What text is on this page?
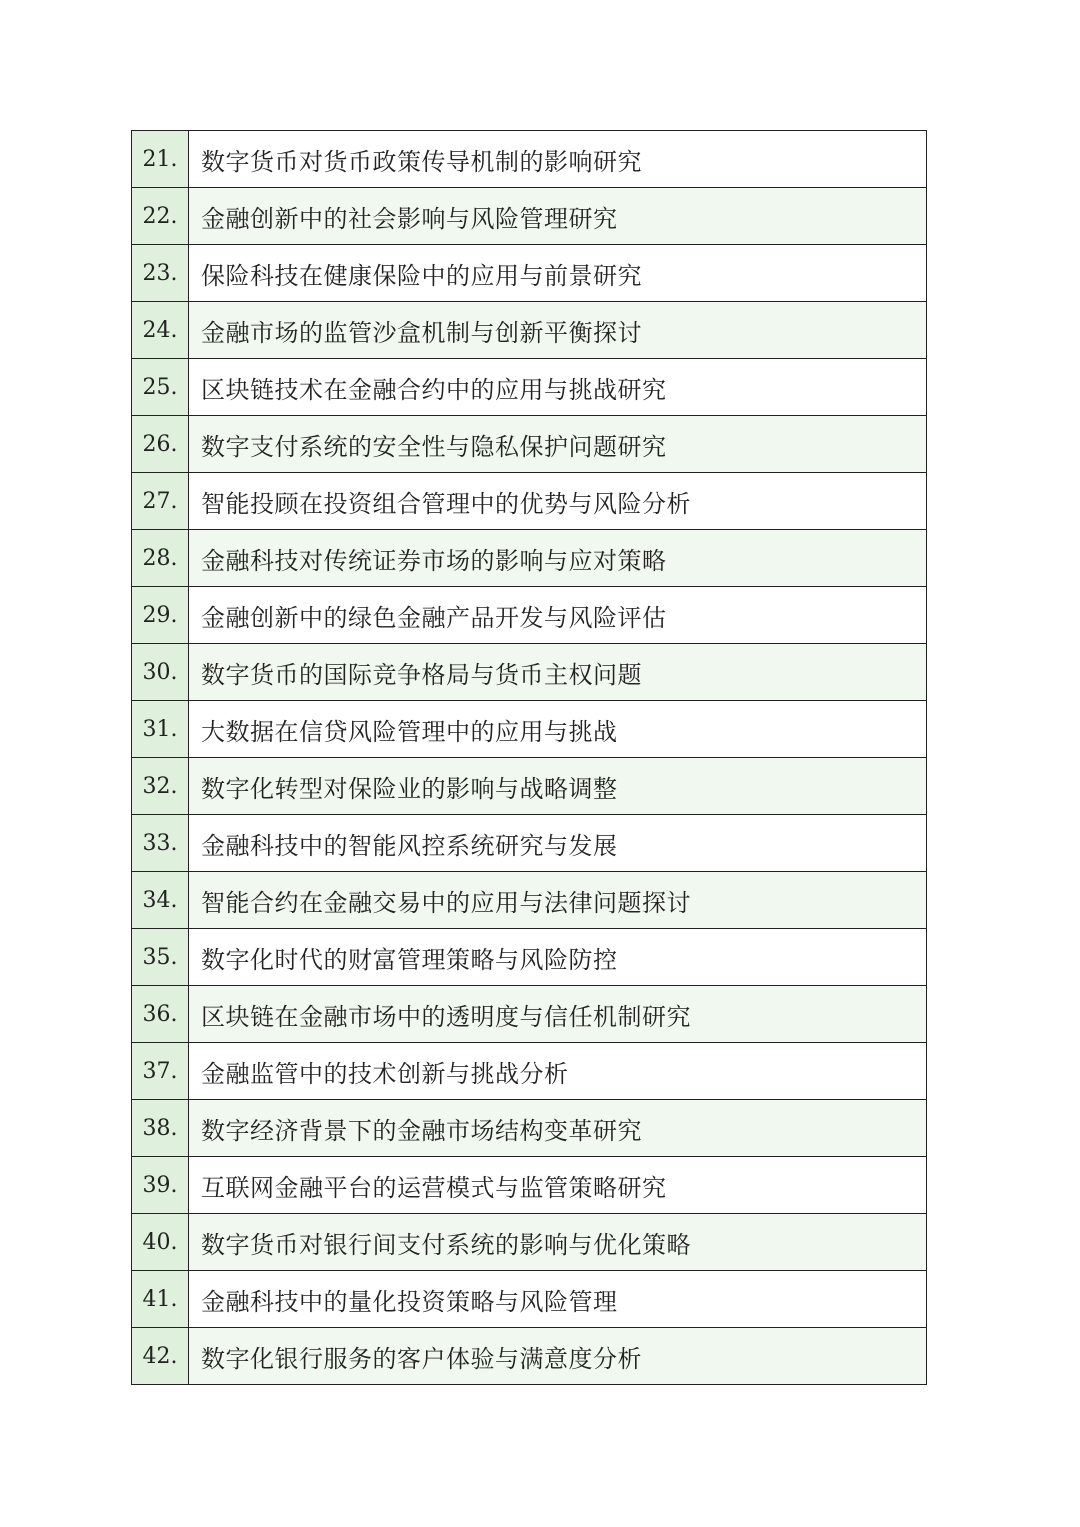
21.	数字货币对货币政策传导机制的影响研究
22.	金融创新中的社会影响与风险管理研究
23.	保险科技在健康保险中的应用与前景研究
24.	金融市场的监管沙盒机制与创新平衡探讨
25.	区块链技术在金融合约中的应用与挑战研究
26.	数字支付系统的安全性与隐私保护问题研究
27.	智能投顾在投资组合管理中的优势与风险分析
28.	金融科技对传统证券市场的影响与应对策略
29.	金融创新中的绿色金融产品开发与风险评估
30.	数字货币的国际竞争格局与货币主权问题
31.	大数据在信贷风险管理中的应用与挑战
32.	数字化转型对保险业的影响与战略调整
33.	金融科技中的智能风控系统研究与发展
34.	智能合约在金融交易中的应用与法律问题探讨
35.	数字化时代的财富管理策略与风险防控
36.	区块链在金融市场中的透明度与信任机制研究
37.	金融监管中的技术创新与挑战分析
38.	数字经济背景下的金融市场结构变革研究
39.	互联网金融平台的运营模式与监管策略研究
40.	数字货币对银行间支付系统的影响与优化策略
41.	金融科技中的量化投资策略与风险管理
42.	数字化银行服务的客户体验与满意度分析
